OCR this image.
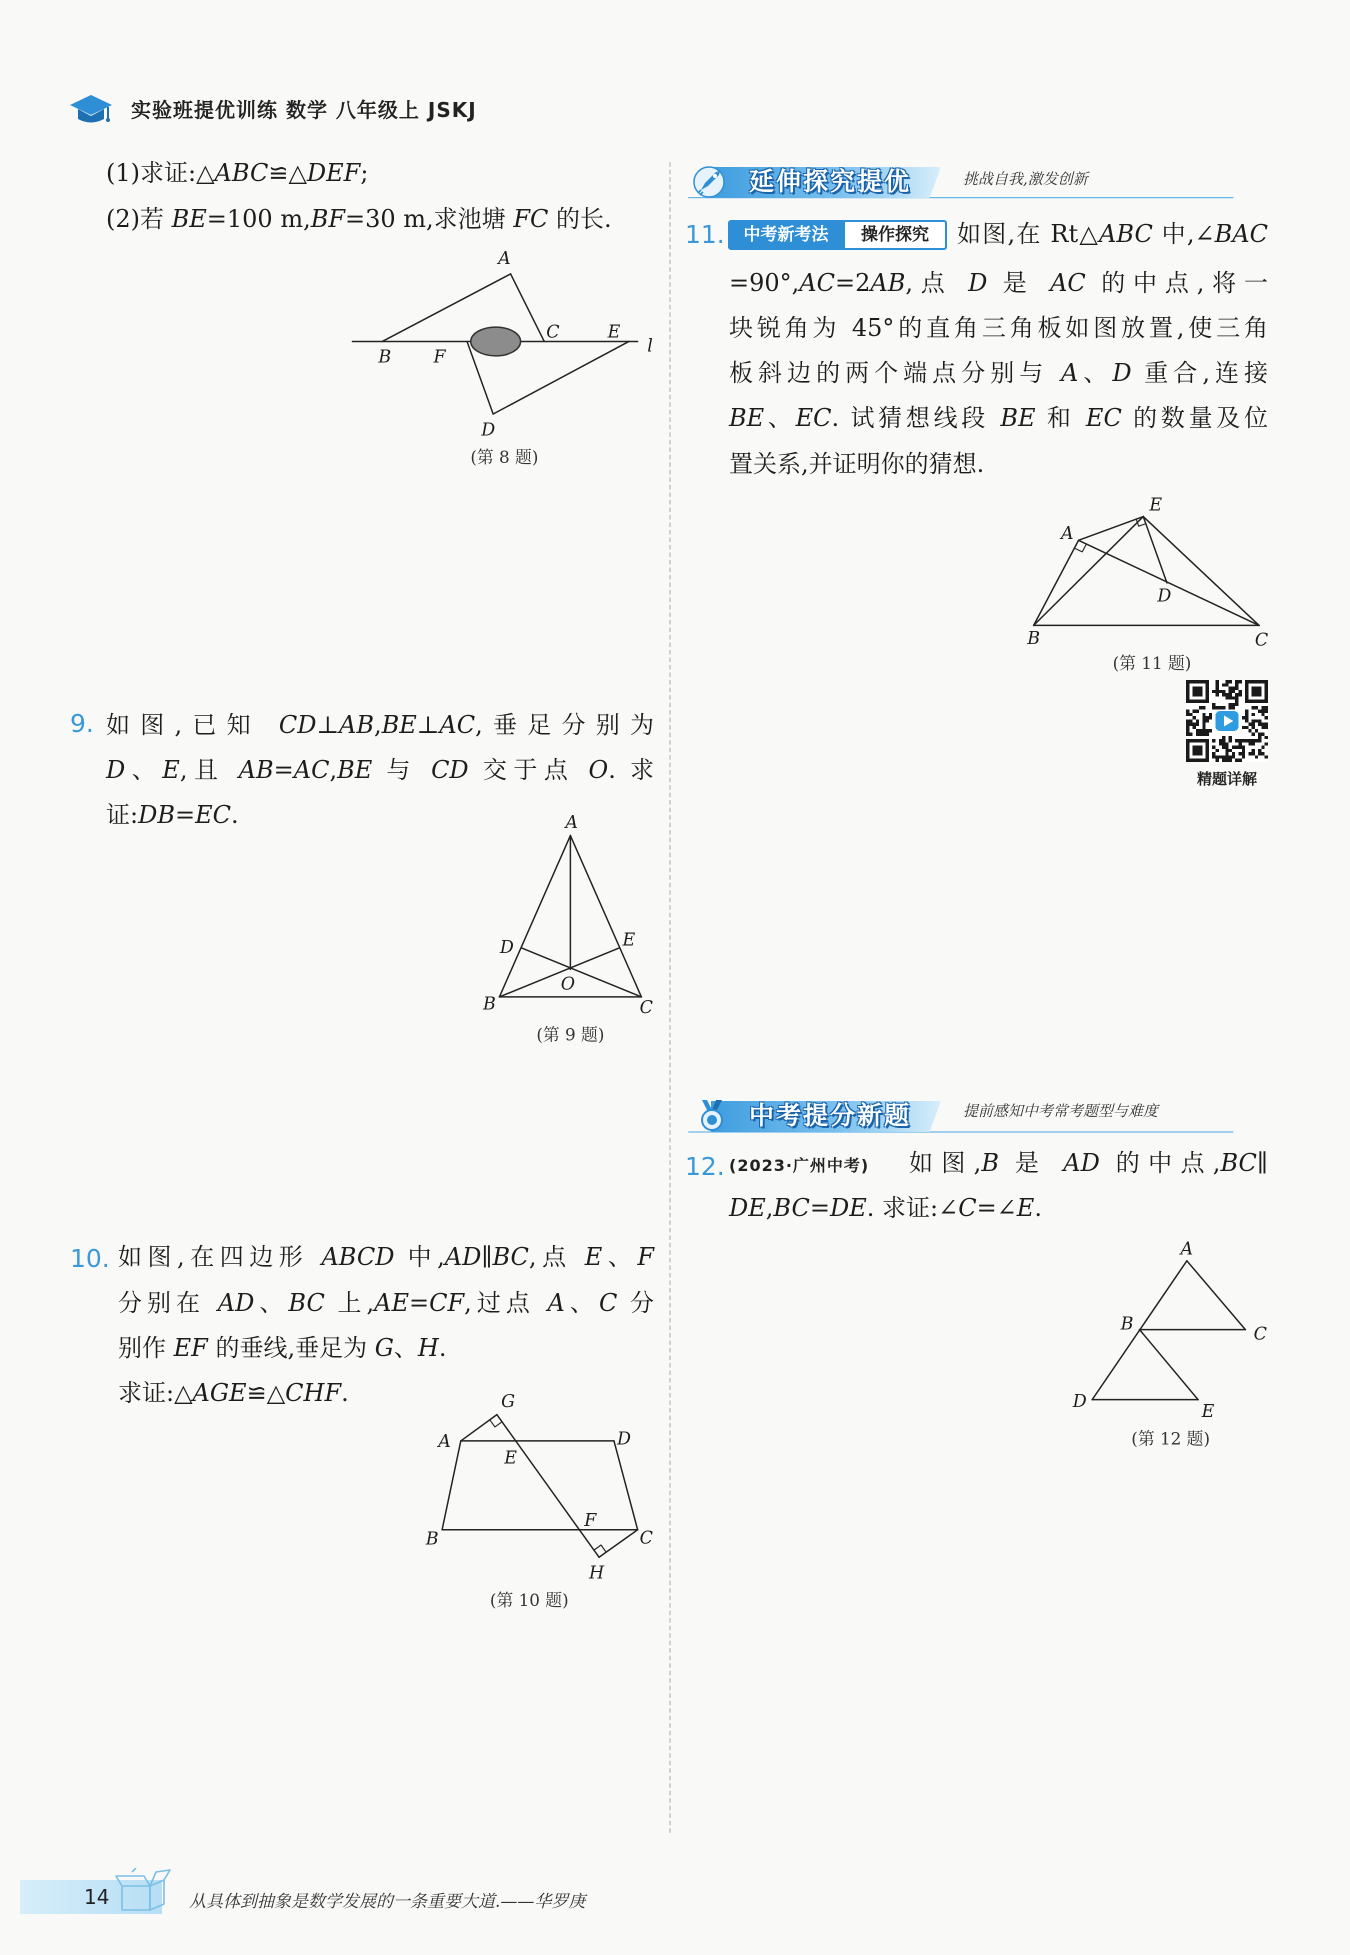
A
B	F
C	E
l
D
A
D	E
O
B	C
G
A
E
D
B
F
C
H
A
E
D
B	C
A
B	C
D	E
(第 8 题)
(第 9 题)
(第 10 题)
(第 11 题)
(第 12 题)
实验班提优训练 数学 八年级上 JSKJ
(1)求证:△ABC≌△DEF;
(2)若 BE=100 m,BF=30 m,求池塘 FC 的长.
9. 如图,已知 CD⊥AB,BE⊥AC,垂足分别为
D、E,且 AB=AC,BE 与 CD 交于点 O. 求
证:DB=EC.
10. 如图,在四边形 ABCD 中,AD∥BC,点 E、F
分别在 AD、BC 上,AE=CF,过点 A、C 分
别作 EF 的垂线,垂足为 G、H.
求证:△AGE≌△CHF.
延伸探究提优	挑战自我,激发创新
11.	中考新考法	操作探究	如图,在 Rt△ABC 中,∠BAC
=90°,AC=2AB,点 D 是 AC 的中点,将一
块锐角为 45°的直角三角板如图放置,使三角
板斜边的两个端点分别与 A、D 重合,连接
BE、EC. 试猜想线段 BE 和 EC 的数量及位
置关系,并证明你的猜想.
精题详解
中考提分新题	提前感知中考常考题型与难度
12. (2023·广州中考) 如图,B 是 AD 的中点,BC∥
DE,BC=DE. 求证:∠C=∠E.
14	从具体到抽象是数学发展的一条重要大道.——华罗庚
